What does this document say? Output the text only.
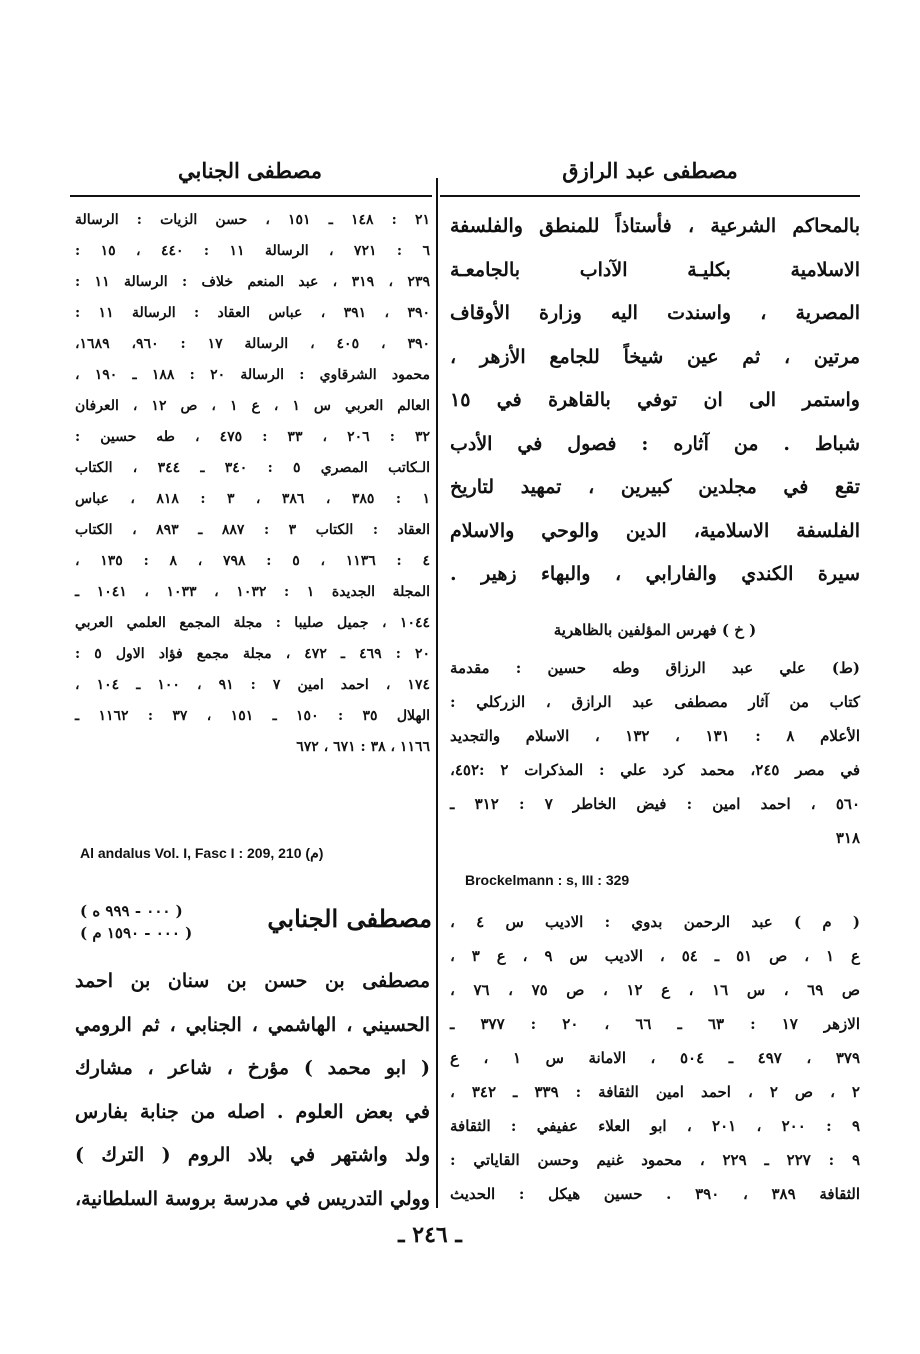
مصطفى عبد الرازق
مصطفى الجنابي
بالمحاكم الشرعية ، فأستاذاً للمنطق والفلسفة
الاسلامية بكليـة الآداب بالجامعـة
المصرية ، واسندت اليه وزارة الأوقاف
مرتين ، ثم عين شيخاً للجامع الأزهر ،
واستمر الى ان توفي بالقاهرة في ١٥
شباط . من آثاره : فصول في الأدب
تقع في مجلدين كبيرين ، تمهيد لتاريخ
الفلسفة الاسلامية، الدين والوحي والاسلام
سيرة الكندي والفارابي ، والبهاء زهير .
( خ ) فهرس المؤلفين بالظاهرية
(ط) علي عبد الرزاق وطه حسين : مقدمة
كتاب من آثار مصطفى عبد الرازق ، الزركلي :
الأعلام ٨ : ١٣١ ، ١٣٢ ، الاسلام والتجديد
في مصر ٢٤٥، محمد كرد علي : المذكرات ٢ :٤٥٢،
٥٦٠ ، احمد امين : فيض الخاطر ٧ : ٣١٢ ـ
٣١٨
Brockelmann : s, III : 329
( م ) عبد الرحمن بدوي : الاديب س ٤ ،
ع ١ ، ص ٥١ ـ ٥٤ ، الاديب س ٩ ، ع ٣ ،
ص ٦٩ ، س ١٦ ، ع ١٢ ، ص ٧٥ ، ٧٦ ،
الازهر ١٧ : ٦٣ ـ ٦٦ ، ٢٠ : ٣٧٧ ـ
٣٧٩ ، ٤٩٧ ـ ٥٠٤ ، الامانة س ١ ، ع
٢ ، ص ٢ ، احمد امين الثقافة : ٣٣٩ ـ ٣٤٢ ،
٩ : ٢٠٠ ، ٢٠١ ، ابو العلاء عفيفي : الثقافة
٩ : ٢٢٧ ـ ٢٢٩ ، محمود غنيم وحسن القاياتي :
الثقافة ٣٨٩ ، ٣٩٠ . حسين هيكل : الحديث
٢١ : ١٤٨ ـ ١٥١ ، حسن الزيات : الرسالة
٦ : ٧٢١ ، الرسالة ١١ : ٤٤٠ ، ١٥ :
٢٣٩ ، ٣١٩ ، عبد المنعم خلاف : الرسالة ١١ :
٣٩٠ ، ٣٩١ ، عباس العقاد : الرسالة ١١ :
٣٩٠ ، ٤٠٥ ، الرسالة ١٧ : ٩٦٠، ١٦٨٩،
محمود الشرقاوي : الرسالة ٢٠ : ١٨٨ ـ ١٩٠ ،
العالم العربي س ١ ، ع ١ ، ص ١٢ ، العرفان
٣٢ : ٢٠٦ ، ٣٣ : ٤٧٥ ، طه حسين :
الـكاتب المصري ٥ : ٣٤٠ ـ ٣٤٤ ، الكتاب
١ : ٣٨٥ ، ٣٨٦ ، ٣ : ٨١٨ ، عباس
العقاد : الكتاب ٣ : ٨٨٧ ـ ٨٩٣ ، الكتاب
٤ : ١١٣٦ ، ٥ : ٧٩٨ ، ٨ : ١٣٥ ،
المجلة الجديدة ١ : ١٠٣٢ ، ١٠٣٣ ، ١٠٤١ ـ
١٠٤٤ ، جميل صليبا : مجلة المجمع العلمي العربي
٢٠ : ٤٦٩ ـ ٤٧٢ ، مجلة مجمع فؤاد الاول ٥ :
١٧٤ ، احمد امين ٧ : ٩١ ، ١٠٠ ـ ١٠٤ ،
الهلال ٣٥ : ١٥٠ ـ ١٥١ ، ٣٧ : ١١٦٢ ـ
١١٦٦ ، ٣٨ : ٦٧١ ، ٦٧٢
Al andalus Vol. I, Fasc I : 209, 210 (م)
مصطفى الجنابي
( ٠٠٠ - ٩٩٩ ه )
( ٠٠٠ - ١٥٩٠ م )
مصطفى بن حسن بن سنان بن احمد
الحسيني ، الهاشمي ، الجنابي ، ثم الرومي
( ابو محمد ) مؤرخ ، شاعر ، مشارك
في بعض العلوم . اصله من جنابة بفارس
ولد واشتهر في بلاد الروم ( الترك )
وولي التدريس في مدرسة بروسة السلطانية،
ـ ٢٤٦ ـ
